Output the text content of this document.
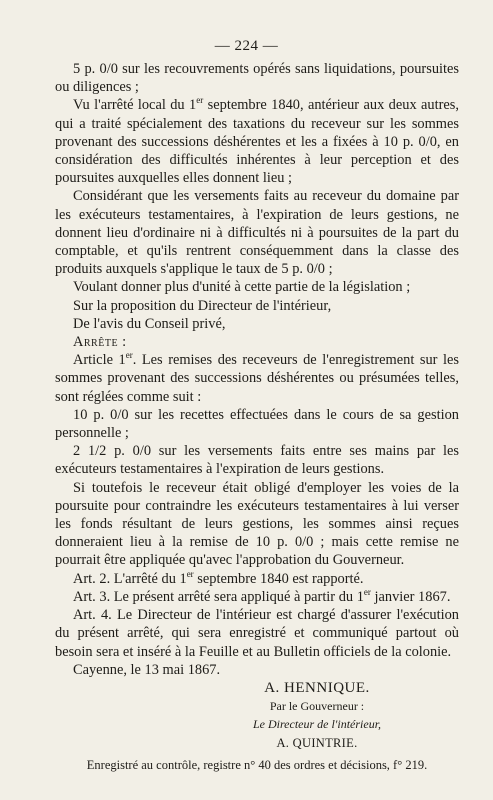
— 224 —

5 p. 0/0 sur les recouvrements opérés sans liquidations, poursuites ou diligences ;

Vu l'arrêté local du 1er septembre 1840, antérieur aux deux autres, qui a traité spécialement des taxations du receveur sur les sommes provenant des successions déshérentes et les a fixées à 10 p. 0/0, en considération des difficultés inhérentes à leur perception et des poursuites auxquelles elles donnent lieu ;

Considérant que les versements faits au receveur du domaine par les exécuteurs testamentaires, à l'expiration de leurs gestions, ne donnent lieu d'ordinaire ni à difficultés ni à poursuites de la part du comptable, et qu'ils rentrent conséquemment dans la classe des produits auxquels s'applique le taux de 5 p. 0/0 ;

Voulant donner plus d'unité à cette partie de la législation ;

Sur la proposition du Directeur de l'intérieur,

De l'avis du Conseil privé,

Arrête :

Article 1er. Les remises des receveurs de l'enregistrement sur les sommes provenant des successions déshérentes ou présumées telles, sont réglées comme suit :

10 p. 0/0 sur les recettes effectuées dans le cours de sa gestion personnelle ;

2 1/2 p. 0/0 sur les versements faits entre ses mains par les exécuteurs testamentaires à l'expiration de leurs gestions.

Si toutefois le receveur était obligé d'employer les voies de la poursuite pour contraindre les exécuteurs testamentaires à lui verser les fonds résultant de leurs gestions, les sommes ainsi reçues donneraient lieu à la remise de 10 p. 0/0 ; mais cette remise ne pourrait être appliquée qu'avec l'approbation du Gouverneur.

Art. 2. L'arrêté du 1er septembre 1840 est rapporté.

Art. 3. Le présent arrêté sera appliqué à partir du 1er janvier 1867.

Art. 4. Le Directeur de l'intérieur est chargé d'assurer l'exécution du présent arrêté, qui sera enregistré et communiqué partout où besoin sera et inséré à la Feuille et au Bulletin officiels de la colonie.

Cayenne, le 13 mai 1867.

A. HENNIQUE.
Par le Gouverneur :
Le Directeur de l'intérieur,
A. QUINTRIE.
Enregistré au contrôle, registre n° 40 des ordres et décisions, f° 219.
